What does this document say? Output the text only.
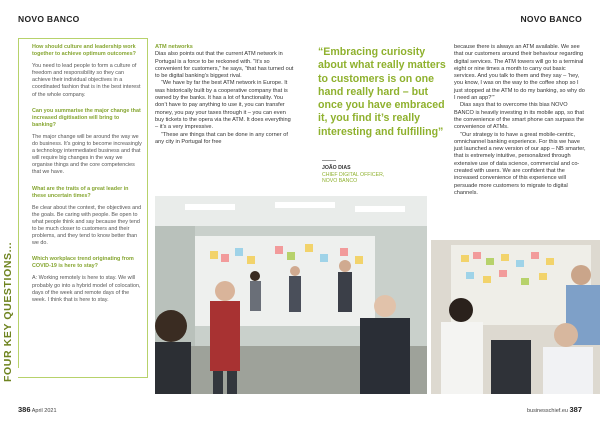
NOVO BANCO	NOVO BANCO
FOUR KEY QUESTIONS...
How should culture and leadership work together to achieve optimum outcomes?
You need to lead people to form a culture of freedom and responsibility so they can achieve their individual objectives in a coordinated fashion that is in the best interest of the whole company.
Can you summarise the major change that increased digitisation will bring to banking?
The major change will be around the way we do business. It's going to become increasingly a technology intermediated business and that will require big changes in the way we organise things and the core competencies that we have.
What are the traits of a great leader in these uncertain times?
Be clear about the context, the objectives and the goals. Be caring with people. Be open to what people think and say because they tend to be much closer to customers and their problems, and they tend to know better than we do.
Which workplace trend originating from COVID-19 is here to stay?
A: Working remotely is here to stay. We will probably go into a hybrid model of colocation, days of the week and remote days of the week. I think that is here to stay.
ATM networks

Dias also points out that the current ATM network in Portugal is a force to be reckoned with. “It’s so convenient for customers,” he says, “that has turned out to be digital banking’s biggest rival.

“We have by far the best ATM network in Europe. It was historically built by a cooperative company that is owned by the banks. It has a lot of functionality. You don’t have to pay anything to use it, you can transfer money, you pay your taxes through it – you can even buy tickets to the opera via the ATM. It does everything – it’s a very impressive.

“These are things that can be done in any corner of any city in Portugal for free

“Embracing curiosity about what really matters to customers is on one hand really hard – but once you have embraced it, you find it’s really interesting and fulfilling”
JOÃO DIAS
CHIEF DIGITAL OFFICER,
NOVO BANCO

because there is always an ATM available. We see that our customers around their behaviour regarding digital services. The ATM towers will go to a terminal eight or nine times a month to carry out basic services. And you talk to them and they say – ‘hey, you know, I was on the way to the coffee shop so I just stopped at the ATM to do my banking, so why do I need an app?’”

Dias says that to overcome this bias NOVO BANCO is heavily investing in its mobile app, so that the convenience of the smart phone can surpass the convenience of ATMs.

“Our strategy is to have a great mobile-centric, omnichannel banking experience. For this we have just launched a new version of our app – NB smarter, that is extremely intuitive, personalized through extensive use of data science, commercial and co-created with users. We are confident that the increased convenience of this experience will persuade more customers to migrate to digital channels.

386 April 2021	businesschief.eu 387
